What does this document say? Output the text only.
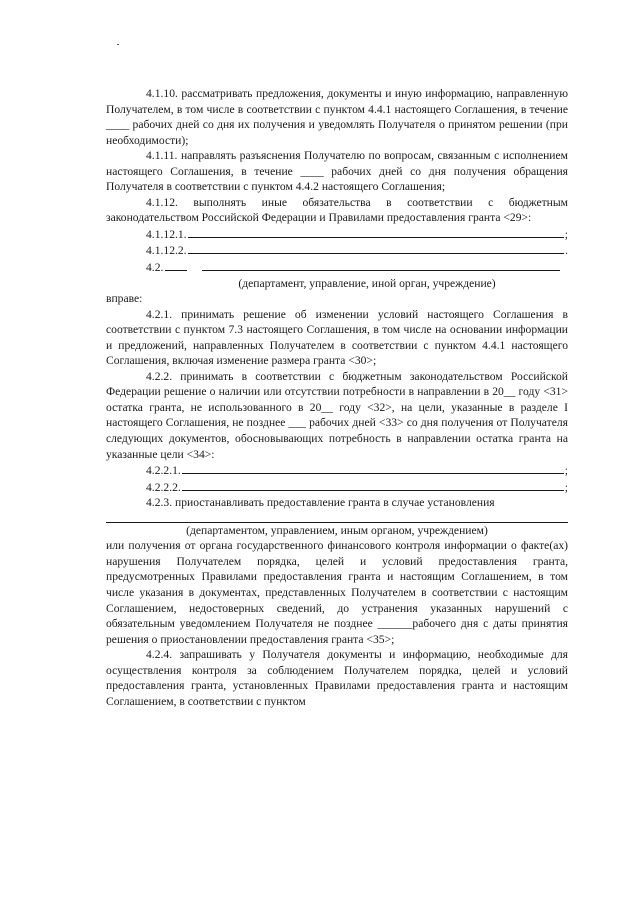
4.1.10. рассматривать предложения, документы и иную информацию, направленную Получателем, в том числе в соответствии с пунктом 4.4.1 настоящего Соглашения, в течение ____ рабочих дней со дня их получения и уведомлять Получателя о принятом решении (при необходимости);

4.1.11. направлять разъяснения Получателю по вопросам, связанным с исполнением настоящего Соглашения, в течение ____ рабочих дней со дня получения обращения Получателя в соответствии с пунктом 4.4.2 настоящего Соглашения;

4.1.12. выполнять иные обязательства в соответствии с бюджетным законодательством Российской Федерации и Правилами предоставления гранта <29>:

4.1.12.1.	;
4.1.12.2.	.
4.2.

(департамент, управление, иной орган, учреждение)

вправе:

4.2.1. принимать решение об изменении условий настоящего Соглашения в соответствии с пунктом 7.3 настоящего Соглашения, в том числе на основании информации и предложений, направленных Получателем в соответствии с пунктом 4.4.1 настоящего Соглашения, включая изменение размера гранта <30>;

4.2.2. принимать в соответствии с бюджетным законодательством Российской Федерации решение о наличии или отсутствии потребности в направлении в 20__ году <31> остатка гранта, не использованного в 20__ году <32>, на цели, указанные в разделе I настоящего Соглашения, не позднее ___ рабочих дней <33> со дня получения от Получателя следующих документов, обосновывающих потребность в направлении остатка гранта на указанные цели <34>:

4.2.2.1.	;
4.2.2.2.	;

4.2.3. приостанавливать предоставление гранта в случае установления

(департаментом, управлением, иным органом, учреждением)

или получения от органа государственного финансового контроля информации о факте(ах) нарушения Получателем порядка, целей и условий предоставления гранта, предусмотренных Правилами предоставления гранта и настоящим Соглашением, в том числе указания в документах, представленных Получателем в соответствии с настоящим Соглашением, недостоверных сведений, до устранения указанных нарушений с обязательным уведомлением Получателя не позднее ______рабочего дня с даты принятия решения о приостановлении предоставления гранта <35>;

4.2.4. запрашивать у Получателя документы и информацию, необходимые для осуществления контроля за соблюдением Получателем порядка, целей и условий предоставления гранта, установленных Правилами предоставления гранта и настоящим Соглашением, в соответствии с пунктом
